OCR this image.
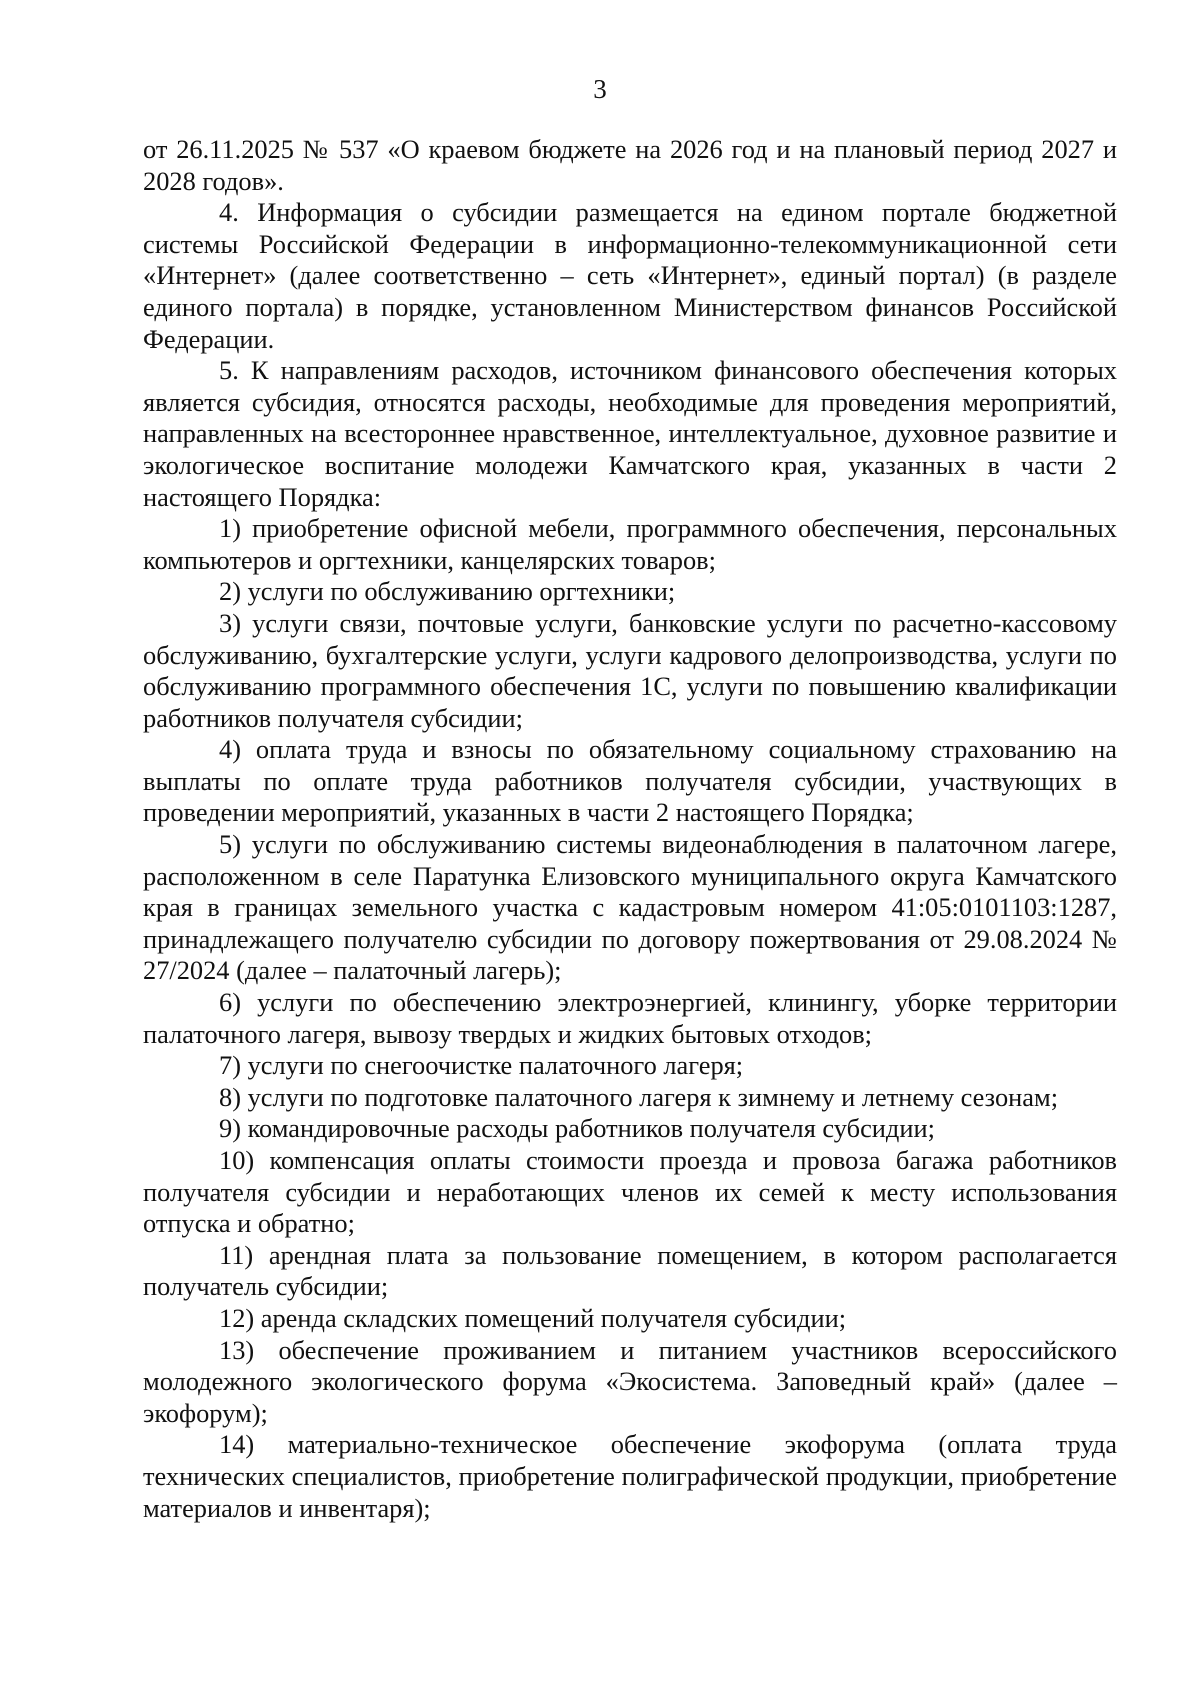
3

от 26.11.2025 № 537 «О краевом бюджете на 2026 год и на плановый период 2027 и 2028 годов».

4. Информация о субсидии размещается на едином портале бюджетной системы Российской Федерации в информационно-телекоммуникационной сети «Интернет» (далее соответственно – сеть «Интернет», единый портал) (в разделе единого портала) в порядке, установленном Министерством финансов Российской Федерации.

5. К направлениям расходов, источником финансового обеспечения которых является субсидия, относятся расходы, необходимые для проведения мероприятий, направленных на всестороннее нравственное, интеллектуальное, духовное развитие и экологическое воспитание молодежи Камчатского края, указанных в части 2 настоящего Порядка:

1) приобретение офисной мебели, программного обеспечения, персональных компьютеров и оргтехники, канцелярских товаров;

2) услуги по обслуживанию оргтехники;

3) услуги связи, почтовые услуги, банковские услуги по расчетно-кассовому обслуживанию, бухгалтерские услуги, услуги кадрового делопроизводства, услуги по обслуживанию программного обеспечения 1С, услуги по повышению квалификации работников получателя субсидии;

4) оплата труда и взносы по обязательному социальному страхованию на выплаты по оплате труда работников получателя субсидии, участвующих в проведении мероприятий, указанных в части 2 настоящего Порядка;

5) услуги по обслуживанию системы видеонаблюдения в палаточном лагере, расположенном в селе Паратунка Елизовского муниципального округа Камчатского края в границах земельного участка с кадастровым номером 41:05:0101103:1287, принадлежащего получателю субсидии по договору пожертвования от 29.08.2024 № 27/2024 (далее – палаточный лагерь);

6) услуги по обеспечению электроэнергией, клинингу, уборке территории палаточного лагеря, вывозу твердых и жидких бытовых отходов;

7) услуги по снегоочистке палаточного лагеря;

8) услуги по подготовке палаточного лагеря к зимнему и летнему сезонам;

9) командировочные расходы работников получателя субсидии;

10) компенсация оплаты стоимости проезда и провоза багажа работников получателя субсидии и неработающих членов их семей к месту использования отпуска и обратно;

11) арендная плата за пользование помещением, в котором располагается получатель субсидии;

12) аренда складских помещений получателя субсидии;

13) обеспечение проживанием и питанием участников всероссийского молодежного экологического форума «Экосистема. Заповедный край» (далее – экофорум);

14) материально-техническое обеспечение экофорума (оплата труда технических специалистов, приобретение полиграфической продукции, приобретение материалов и инвентаря);
